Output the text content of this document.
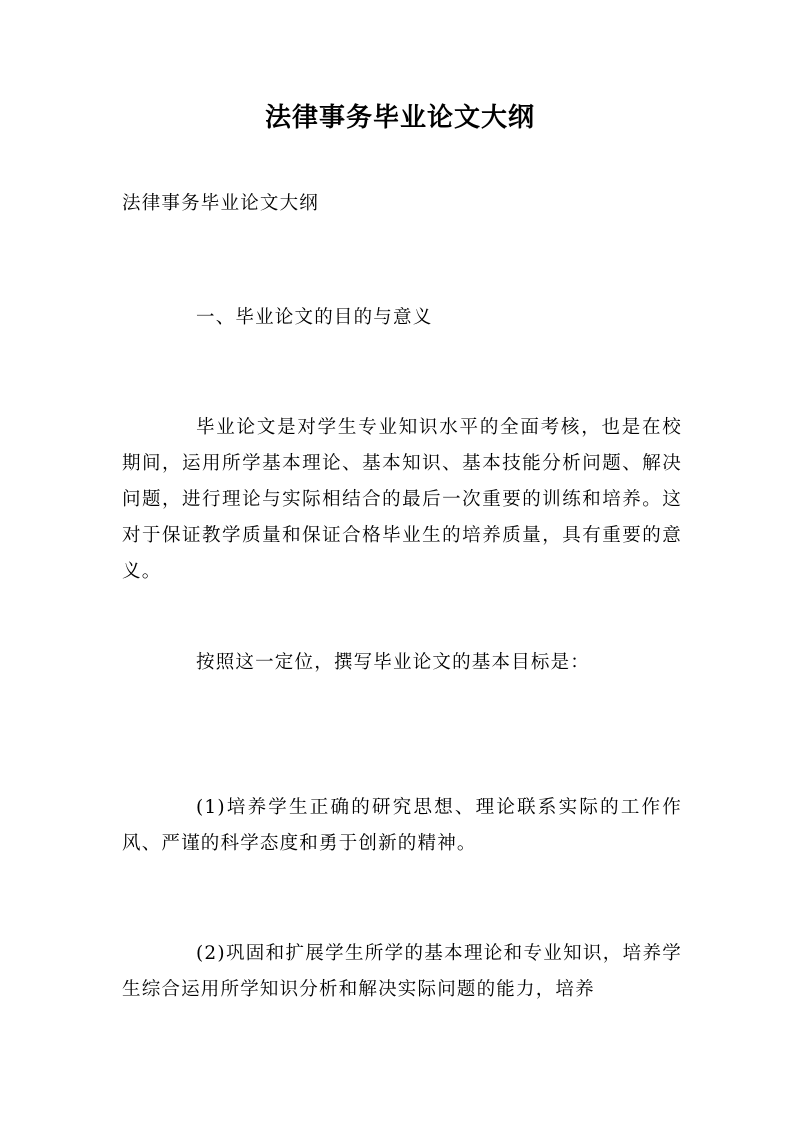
法律事务毕业论文大纲
法律事务毕业论文大纲
一、毕业论文的目的与意义
毕业论文是对学生专业知识水平的全面考核，也是在校期间，运用所学基本理论、基本知识、基本技能分析问题、解决问题，进行理论与实际相结合的最后一次重要的训练和培养。这对于保证教学质量和保证合格毕业生的培养质量，具有重要的意义。
按照这一定位，撰写毕业论文的基本目标是：
(1)培养学生正确的研究思想、理论联系实际的工作作风、严谨的科学态度和勇于创新的精神。
(2)巩固和扩展学生所学的基本理论和专业知识，培养学生综合运用所学知识分析和解决实际问题的能力，培养
